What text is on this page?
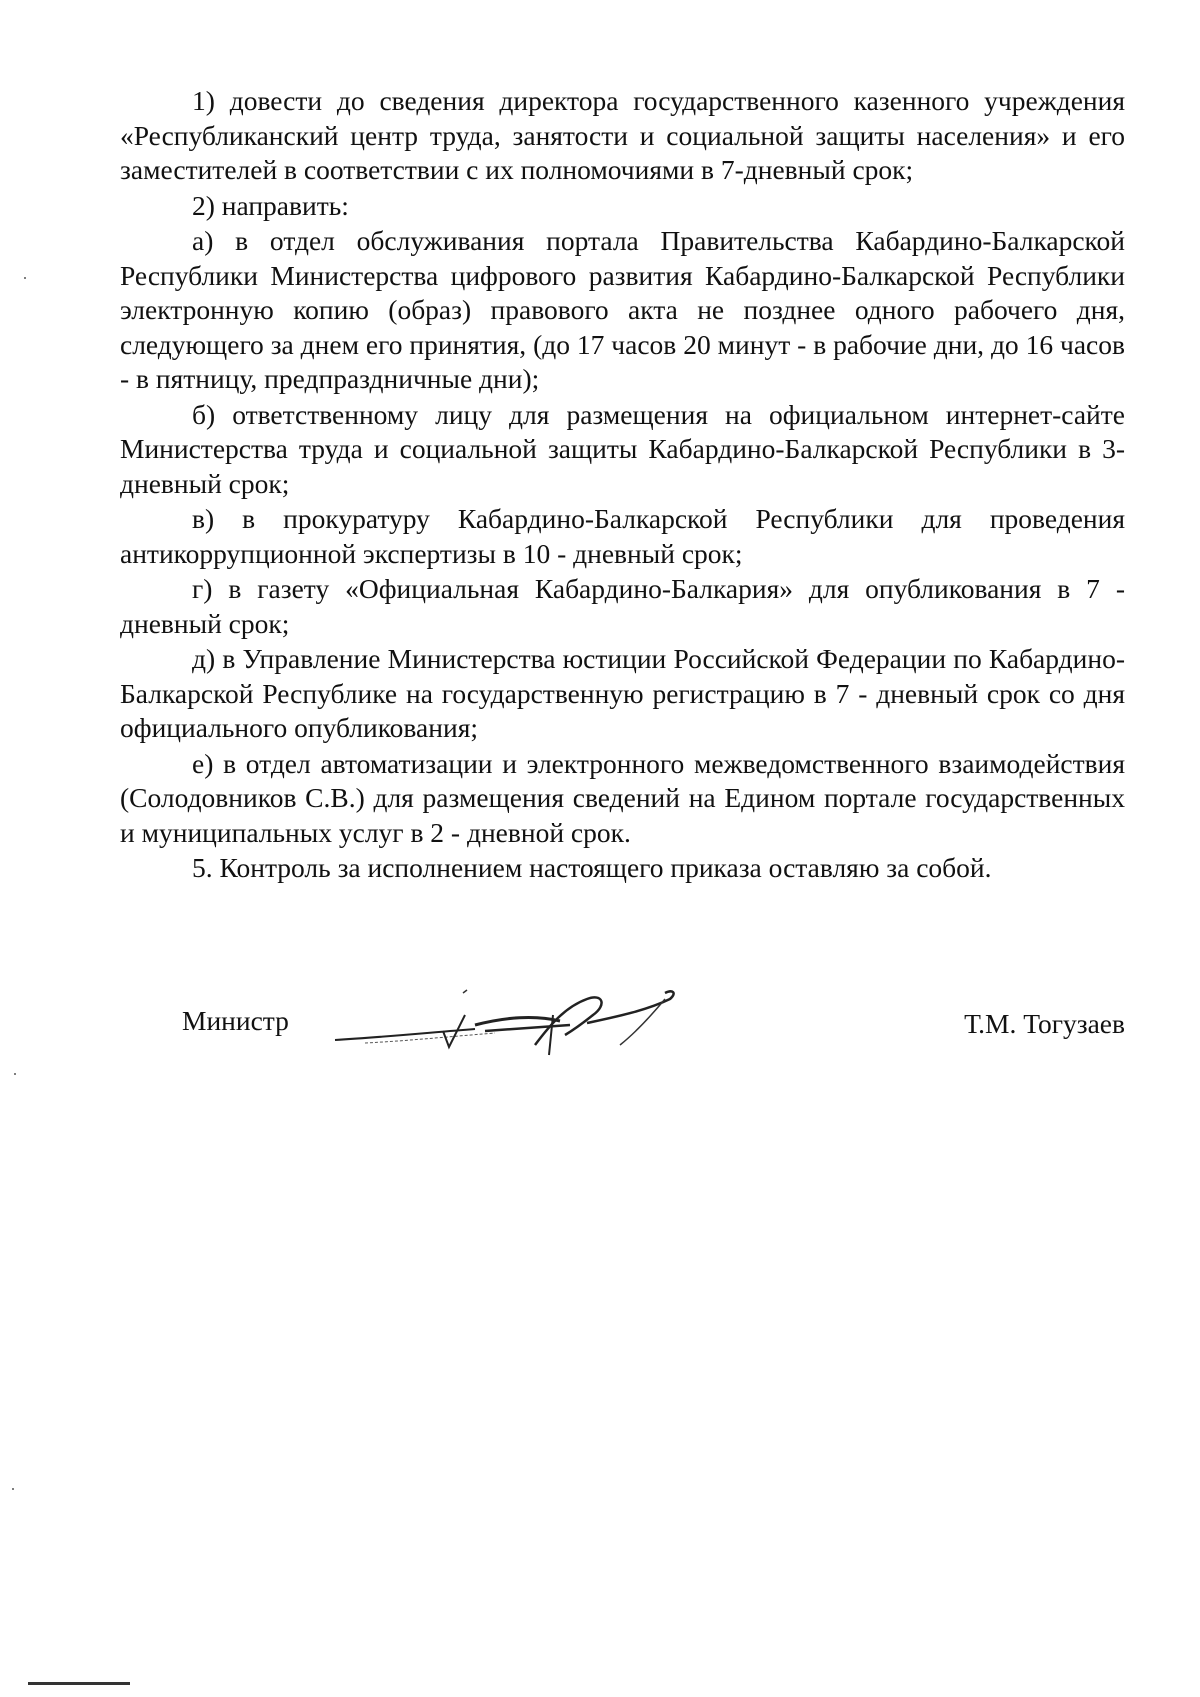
1) довести до сведения директора государственного казенного учреждения «Республиканский центр труда, занятости и социальной защиты населения» и его заместителей в соответствии с их полномочиями в 7-дневный срок;

2) направить:

а) в отдел обслуживания портала Правительства Кабардино-Балкарской Республики Министерства цифрового развития Кабардино-Балкарской Республики электронную копию (образ) правового акта не позднее одного рабочего дня, следующего за днем его принятия, (до 17 часов 20 минут - в рабочие дни, до 16 часов - в пятницу, предпраздничные дни);

б) ответственному лицу для размещения на официальном интернет-сайте Министерства труда и социальной защиты Кабардино-Балкарской Республики в 3-дневный срок;

в) в прокуратуру Кабардино-Балкарской Республики для проведения антикоррупционной экспертизы в 10 - дневный срок;

г) в газету «Официальная Кабардино-Балкария» для опубликования в 7 - дневный срок;

д) в Управление Министерства юстиции Российской Федерации по Кабардино-Балкарской Республике на государственную регистрацию в 7 - дневный срок со дня официального опубликования;

е) в отдел автоматизации и электронного межведомственного взаимодействия (Солодовников С.В.) для размещения сведений на Едином портале государственных и муниципальных услуг в 2 - дневной срок.

5. Контроль за исполнением настоящего приказа оставляю за собой.

Министр	Т.М. Тогузаев
